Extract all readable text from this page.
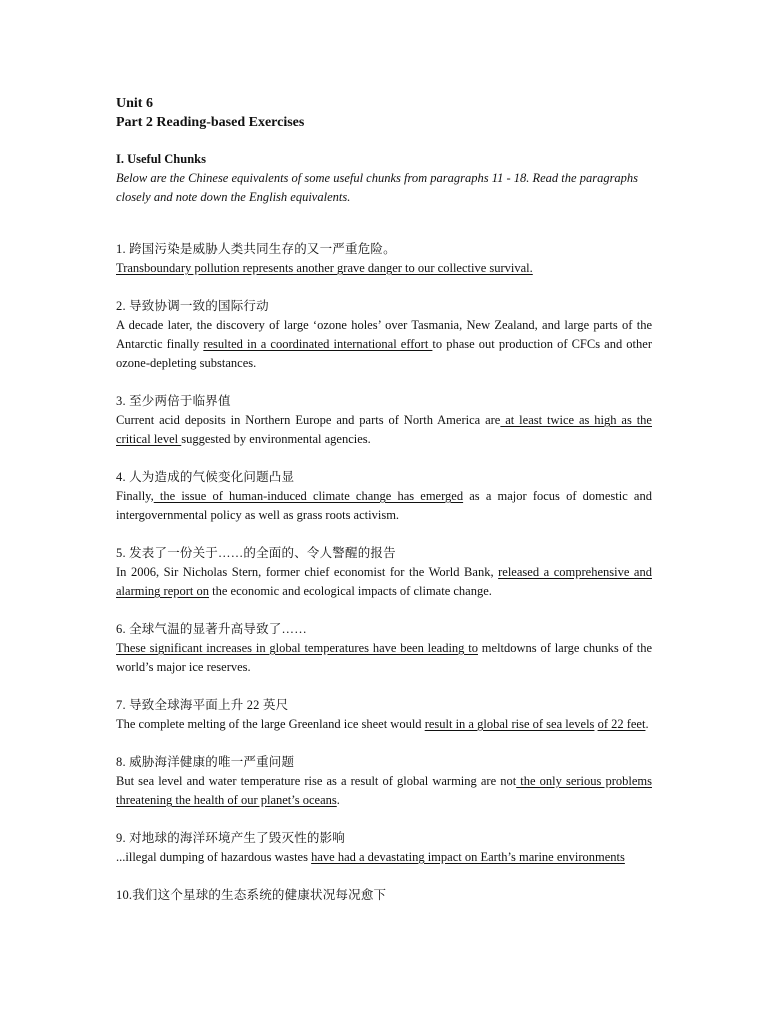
Unit 6

Part 2 Reading-based Exercises

I. Useful Chunks

Below are the Chinese equivalents of some useful chunks from paragraphs 11 - 18. Read the paragraphs closely and note down the English equivalents.

1. 跨国污染是威胁人类共同生存的又一严重危险。

Transboundary pollution represents another grave danger to our collective survival.

2. 导致协调一致的国际行动

A decade later, the discovery of large ‘ozone holes’ over Tasmania, New Zealand, and large parts of the Antarctic finally resulted in a coordinated international effort to phase out production of CFCs and other ozone-depleting substances.

3. 至少两倍于临界值

Current acid deposits in Northern Europe and parts of North America are at least twice as high as the critical level suggested by environmental agencies.

4. 人为造成的气候变化问题凸显

Finally, the issue of human-induced climate change has emerged as a major focus of domestic and intergovernmental policy as well as grass roots activism.

5. 发表了一份关于……的全面的、令人警醒的报告

In 2006, Sir Nicholas Stern, former chief economist for the World Bank, released a comprehensive and alarming report on the economic and ecological impacts of climate change.

6. 全球气温的显著升高导致了……

These significant increases in global temperatures have been leading to meltdowns of large chunks of the world’s major ice reserves.

7. 导致全球海平面上升 22 英尺

The complete melting of the large Greenland ice sheet would result in a global rise of sea levels of 22 feet.

8. 威胁海洋健康的唯一严重问题

But sea level and water temperature rise as a result of global warming are not the only serious problems threatening the health of our planet’s oceans.

9. 对地球的海洋环境产生了毁灭性的影响

...illegal dumping of hazardous wastes have had a devastating impact on Earth’s marine environments

10.我们这个星球的生态系统的健康状况每况愈下
